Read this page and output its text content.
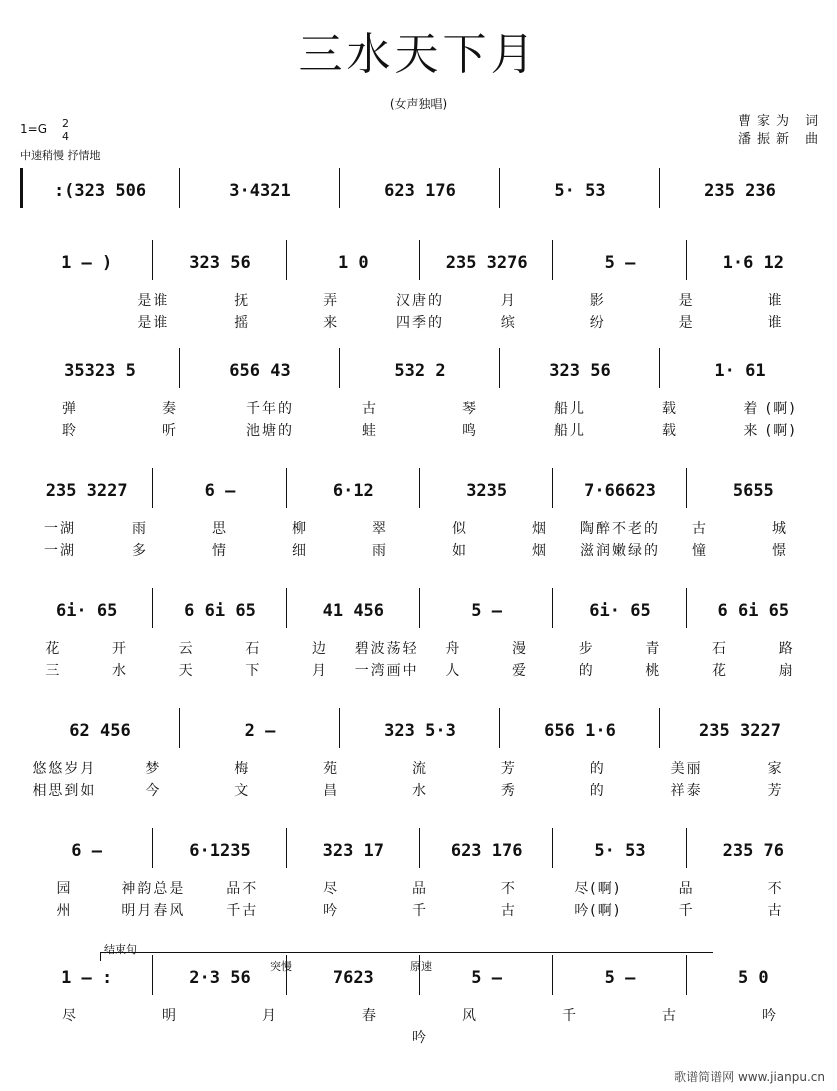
三水天下月
(女声独唱)
曹家为 词
潘振新 曲
1=G 2
4
中速稍慢 抒情地
:(323 506	3·4321	623 176	5· 53	235 236
1 – )	323 56	1 0	235 3276	5 –	1·6 12
是谁	抚	弄	汉唐的	月	影	是	谁
是谁	摇	来	四季的	缤	纷	是	谁
35323 5	656 43	532 2	323 56	1· 61
弹	奏	千年的	古	琴	船儿	载	着 (啊)
聆	听	池塘的	蛙	鸣	船儿	载	来 (啊)
235 3227	6 –	6·12	3235	7·66623	5655
一湖	雨	思	柳	翠	似	烟	陶醉不老的	古	城
一湖	多	情	细	雨	如	烟	滋润嫩绿的	憧	憬
6i· 65	6 6i 65	41 456	5 –	6i· 65	6 6i 65
花	开	云	石	边	碧波荡轻	舟	漫	步	青	石	路
三	水	天	下	月	一湾画中	人	爱	的	桃	花	扇
62 456	2 –	323 5·3	656 1·6	235 3227
悠悠岁月	梦	梅	苑	流	芳	的	美丽	家
相思到如	今	文	昌	水	秀	的	祥泰	芳
6 –	6·1235	323 17	623 176	5· 53	235 76
园	神韵总是	品不	尽	品	不	尽(啊)	品	不
州	明月春风	千古	吟	千	古	吟(啊)	千	古
1 – :	2·3 56	7623	5 –	5 –	5 0
尽	明	月	春	风	千	古	吟
吟
结束句
突慢	原速
歌谱简谱网 www.jianpu.cn
